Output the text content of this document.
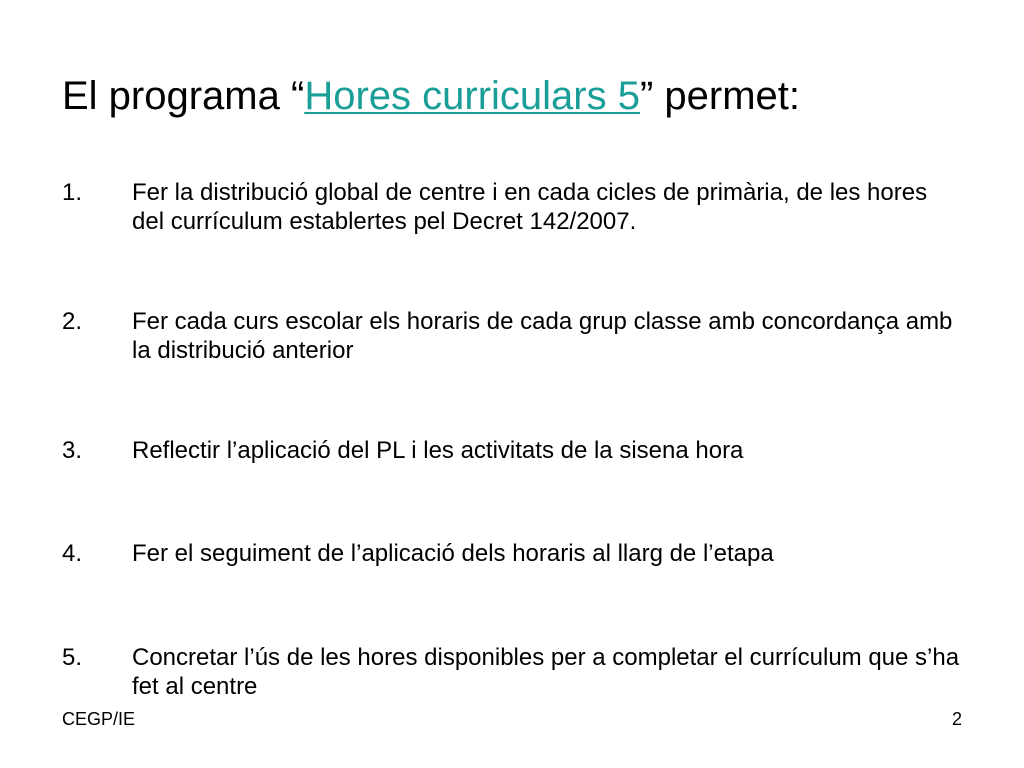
El programa “Hores curriculars 5” permet:
1.	Fer la distribució global de centre i en cada cicles de primària, de les hores del currículum establertes pel Decret 142/2007.
2.	Fer cada curs escolar els horaris de cada grup classe amb concordança amb la distribució anterior
3.	Reflectir l’aplicació del PL i les activitats de la sisena hora
4.	Fer el seguiment de l’aplicació dels horaris al llarg de l’etapa
5.	Concretar l’ús de les hores disponibles per a completar el currículum que s’ha fet al centre
CEGP/IE	2
